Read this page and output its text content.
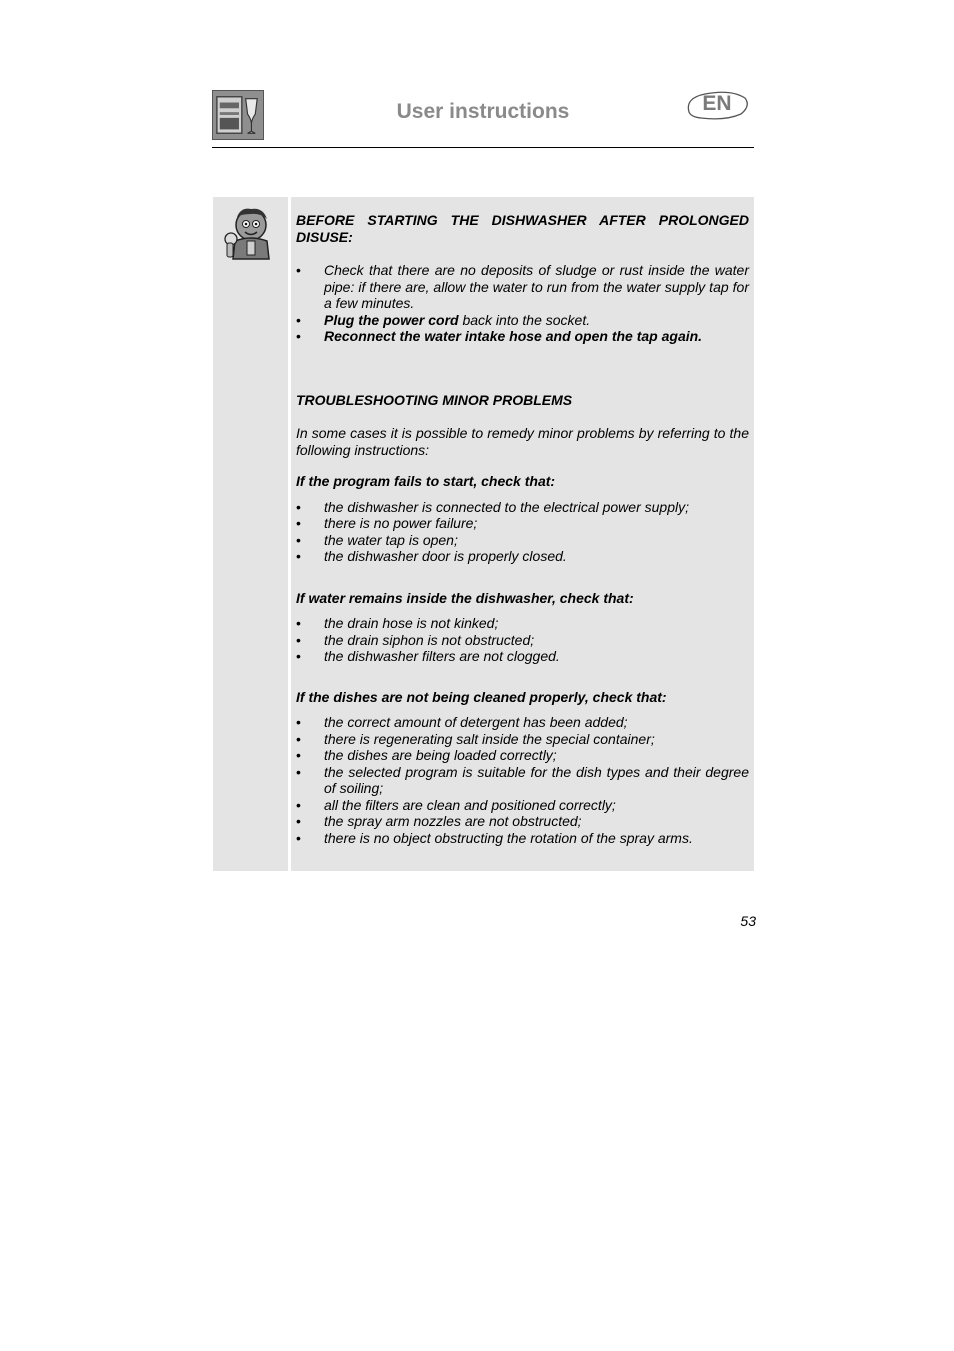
User instructions	EN

BEFORE STARTING THE DISHWASHER AFTER PROLONGED DISUSE:

• Check that there are no deposits of sludge or rust inside the water pipe: if there are, allow the water to run from the water supply tap for a few minutes.
• Plug the power cord back into the socket.
• Reconnect the water intake hose and open the tap again.

TROUBLESHOOTING MINOR PROBLEMS

In some cases it is possible to remedy minor problems by referring to the following instructions:

If the program fails to start, check that:

• the dishwasher is connected to the electrical power supply;
• there is no power failure;
• the water tap is open;
• the dishwasher door is properly closed.

If water remains inside the dishwasher, check that:

• the drain hose is not kinked;
• the drain siphon is not obstructed;
• the dishwasher filters are not clogged.

If the dishes are not being cleaned properly, check that:

• the correct amount of detergent has been added;
• there is regenerating salt inside the special container;
• the dishes are being loaded correctly;
• the selected program is suitable for the dish types and their degree of soiling;
• all the filters are clean and positioned correctly;
• the spray arm nozzles are not obstructed;
• there is no object obstructing the rotation of the spray arms.
53
